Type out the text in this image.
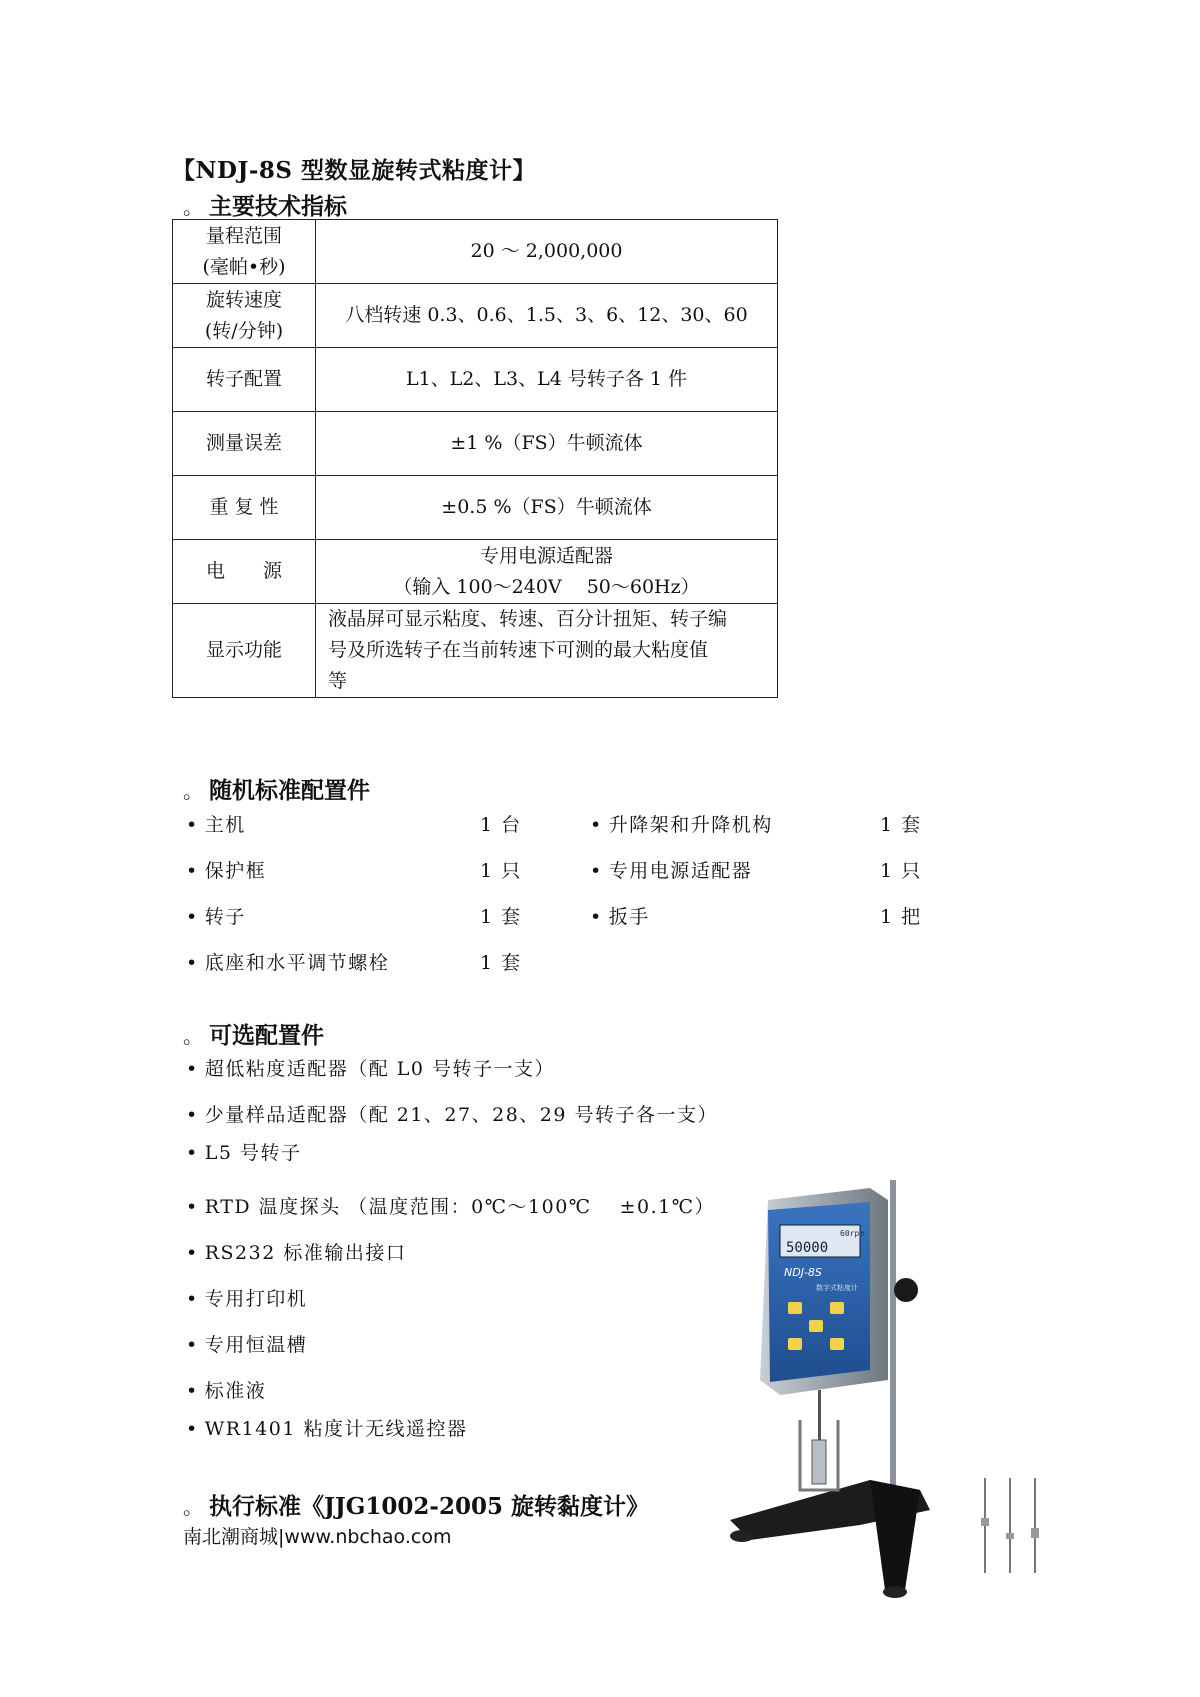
【NDJ-8S 型数显旋转式粘度计】
。 主要技术指标
量程范围
(毫帕•秒)	20 ～ 2,000,000

旋转速度
(转/分钟)	八档转速 0.3、0.6、1.5、3、6、12、30、60

转子配置	L1、L2、L3、L4 号转子各 1 件

测量误差	±1 %（FS）牛顿流体

重 复 性	±0.5 %（FS）牛顿流体

电　　源	专用电源适配器
（输入 100～240V　 50～60Hz）

显示功能	液晶屏可显示粘度、转速、百分计扭矩、转子编
号及所选转子在当前转速下可测的最大粘度值
等
。 随机标准配置件
• 主机	1 台	• 升降架和升降机构	1 套
• 保护框	1 只	• 专用电源适配器	1 只
• 转子	1 套	• 扳手	1 把
• 底座和水平调节螺栓	1 套
。 可选配置件
• 超低粘度适配器（配 L0 号转子一支）
• 少量样品适配器（配 21、27、28、29 号转子各一支）
• L5 号转子
• RTD 温度探头 （温度范围：0℃～100℃　 ±0.1℃）
• RS232 标准输出接口
• 专用打印机
• 专用恒温槽
• 标准液
• WR1401 粘度计无线遥控器
。 执行标准《JJG1002-2005 旋转黏度计》
南北潮商城|www.nbchao.com
60rpm
50000
NDJ-8S
数字式粘度计
